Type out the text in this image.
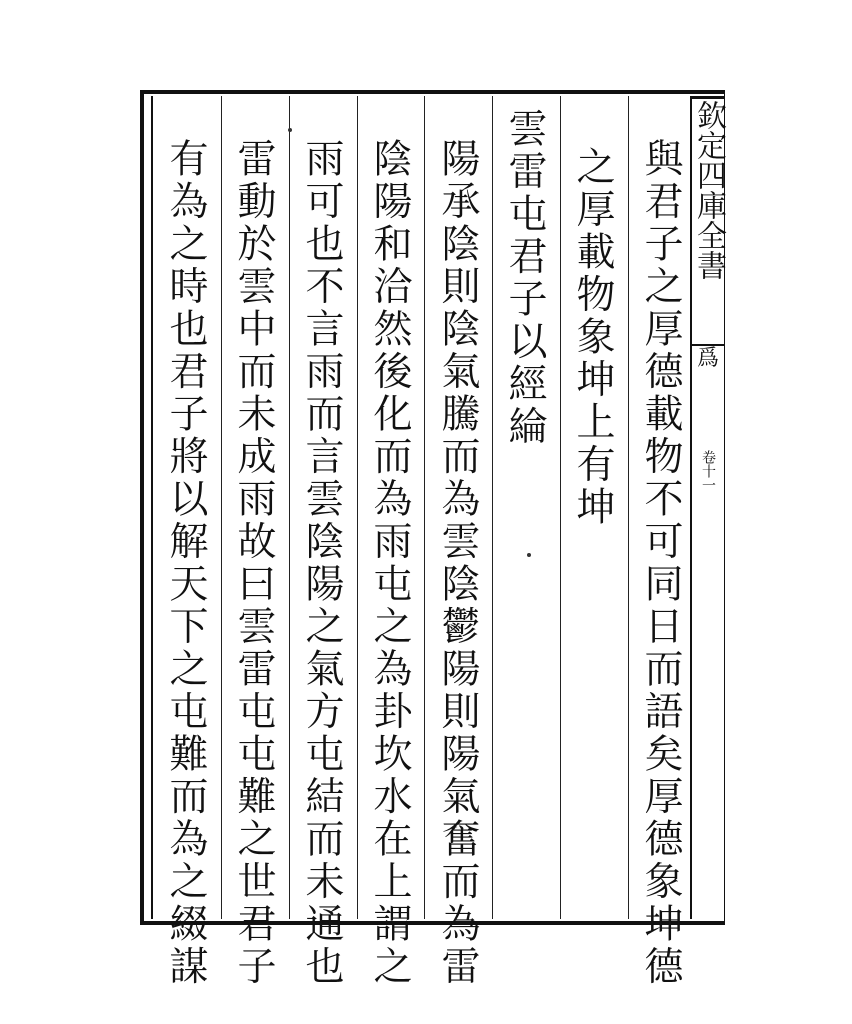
欽定四庫全書
爲
卷十一
與君子之厚德載物不可同日而語矣厚德象坤德
之厚載物象坤上有坤
雲雷屯君子以經綸
陽承陰則陰氣騰而為雲陰鬱陽則陽氣奮而為雷
陰陽和洽然後化而為雨屯之為卦坎水在上謂之
雨可也不言雨而言雲陰陽之氣方屯結而未通也
雷動於雲中而未成雨故曰雲雷屯屯難之世君子
有為之時也君子將以解天下之屯難而為之綴謀
